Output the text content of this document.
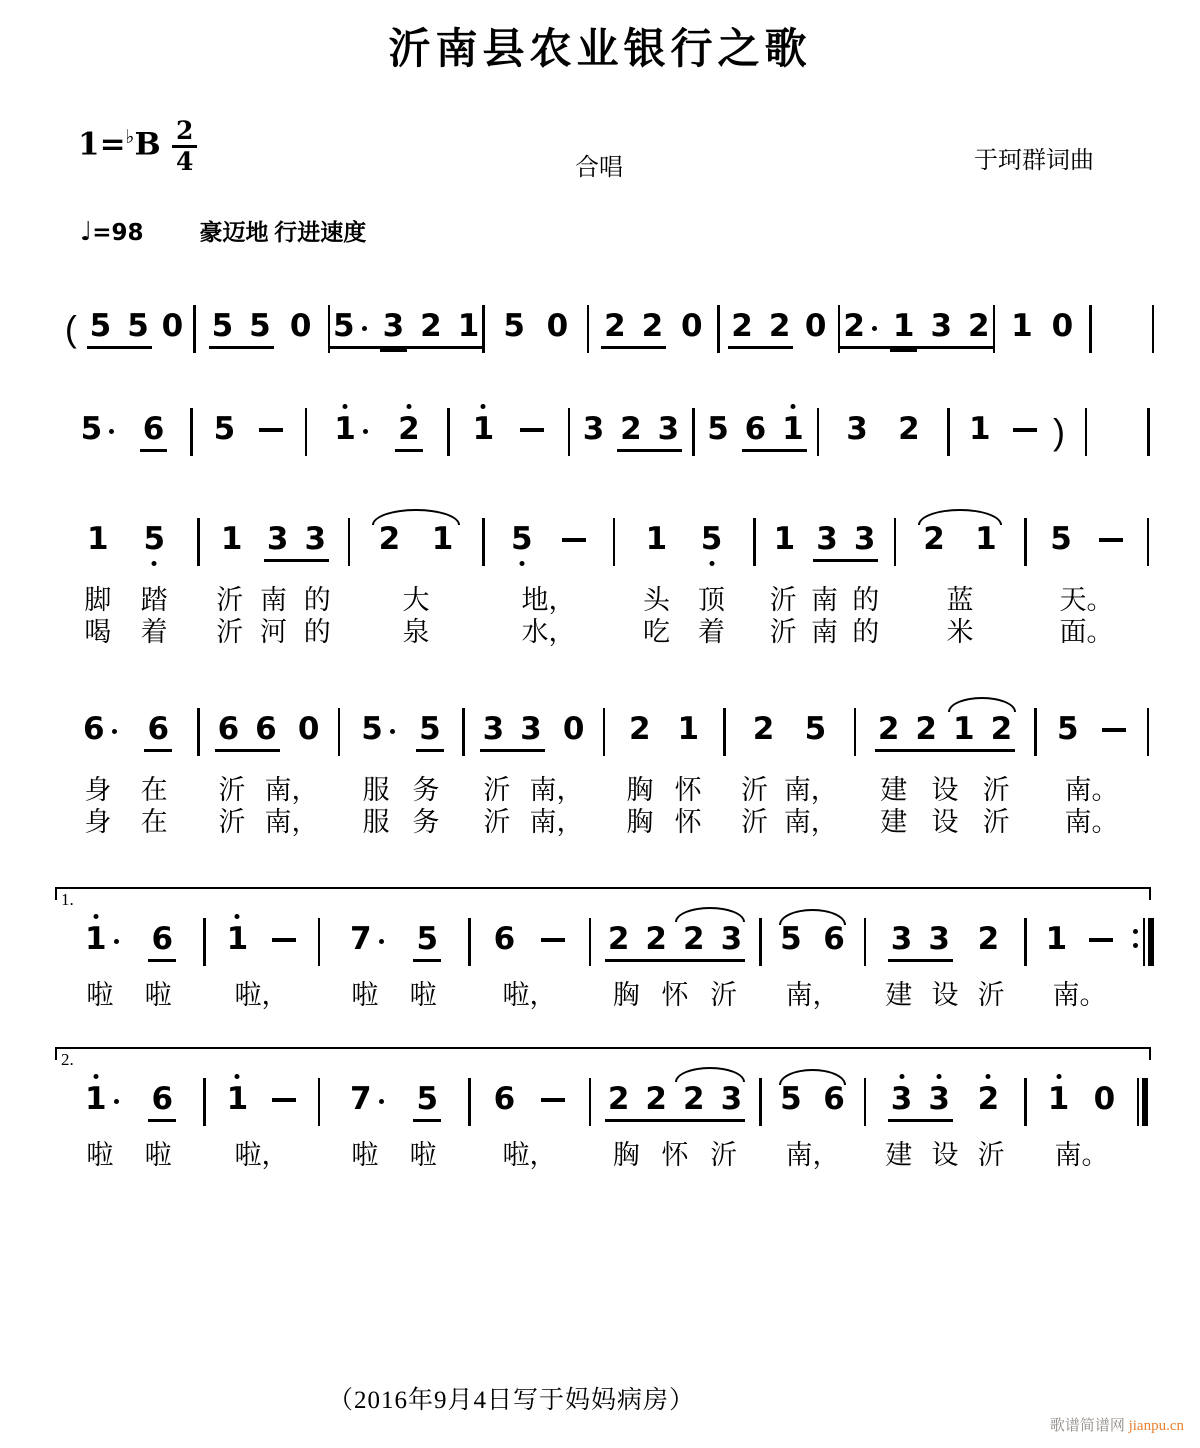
沂南县农业银行之歌
$1=^♭B \frac{2}{4}$	合唱	于珂群词曲
♩=98 豪迈地 行进速度
( 5 5 0 5 5 0 5 3 2 1 5 0 2 2 0 2 2 0 2 1 3 2 1 0
5 6 5	1 2 1	3 2 3 5 6 1 3 2 1 )
1 5 1 3 3 2 1 5	1 5 1 3 3 2 1 5
6 6 6 6 0 5 5 3 3 0 2 1 2 5 2 2 1 2 5
1.
1 6 1	7 5 6	2 2 2 3 5 6 3 3 2 1
2.
1 6 1	7 5 6	2 2 2 3 5 6 3 3 2 1 0
脚 踏 沂 南 的	大	地，	头 顶 沂 南 的 蓝	天。
喝 着 沂 河 的	泉	水，	吃 着 沂 南 的 米	面。
身 在 沂 南， 服 务 沂 南， 胸 怀 沂 南， 建 设 沂 南。
身 在 沂 南， 服 务 沂 南， 胸 怀 沂 南， 建 设 沂 南。
啦 啦 啦， 啦 啦 啦， 胸 怀 沂 南， 建 设 沂 南。
啦 啦 啦， 啦 啦 啦， 胸 怀 沂 南， 建 设 沂 南。
（2016年9月4日写于妈妈病房）
歌谱简谱网 jianpu.cn
